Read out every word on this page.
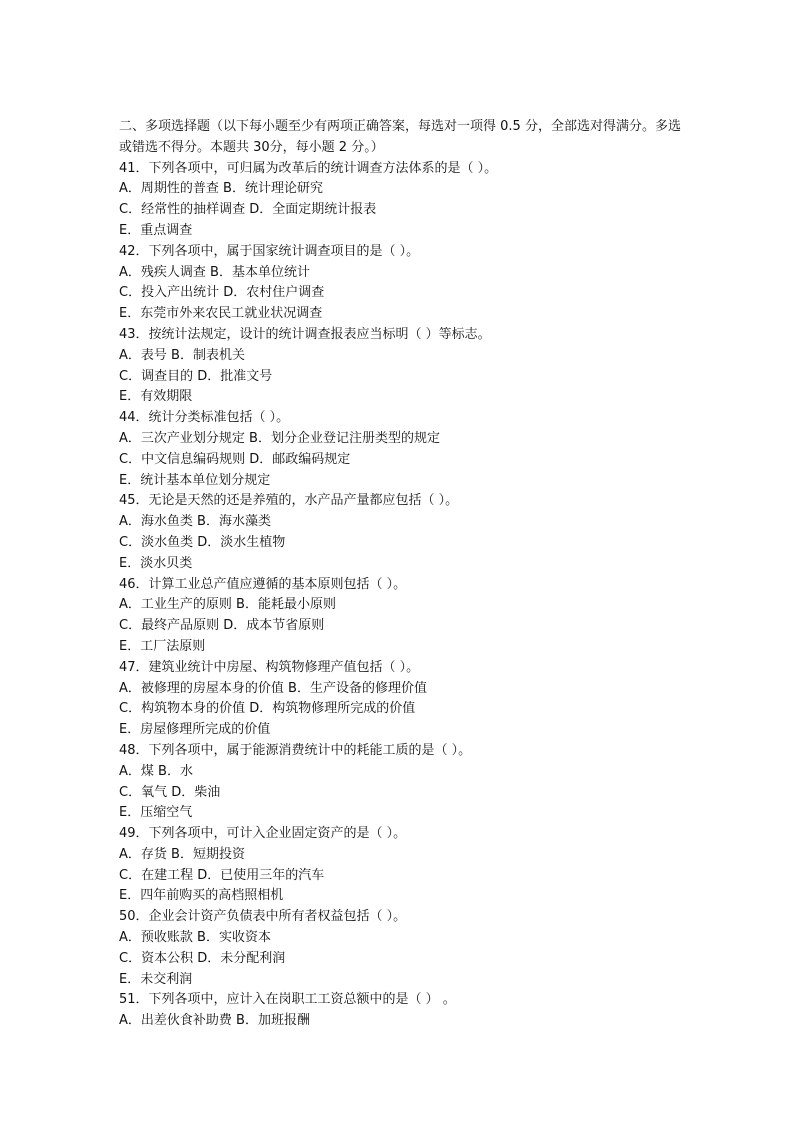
二、多项选择题（以下每小题至少有两项正确答案，每选对一项得 0.5 分，全部选对得满分。多选或错选不得分。本题共 30分，每小题 2 分。）
41．下列各项中，可归属为改革后的统计调查方法体系的是（ ）。
A．周期性的普查 B．统计理论研究
C．经常性的抽样调查 D．全面定期统计报表
E．重点调查
42．下列各项中，属于国家统计调查项目的是（ ）。
A．残疾人调查 B．基本单位统计
C．投入产出统计 D．农村住户调查
E．东莞市外来农民工就业状况调查
43．按统计法规定，设计的统计调查报表应当标明（ ）等标志。
A．表号 B．制表机关
C．调查目的 D．批准文号
E．有效期限
44．统计分类标准包括（ ）。
A．三次产业划分规定 B．划分企业登记注册类型的规定
C．中文信息编码规则 D．邮政编码规定
E．统计基本单位划分规定
45．无论是天然的还是养殖的，水产品产量都应包括（ ）。
A．海水鱼类 B．海水藻类
C．淡水鱼类 D．淡水生植物
E．淡水贝类
46．计算工业总产值应遵循的基本原则包括（ ）。
A．工业生产的原则 B．能耗最小原则
C．最终产品原则 D．成本节省原则
E．工厂法原则
47．建筑业统计中房屋、构筑物修理产值包括（ ）。
A．被修理的房屋本身的价值 B．生产设备的修理价值
C．构筑物本身的价值 D．构筑物修理所完成的价值
E．房屋修理所完成的价值
48．下列各项中，属于能源消费统计中的耗能工质的是（ ）。
A．煤 B．水
C．氧气 D．柴油
E．压缩空气
49．下列各项中，可计入企业固定资产的是（ ）。
A．存货 B．短期投资
C．在建工程 D．已使用三年的汽车
E．四年前购买的高档照相机
50．企业会计资产负债表中所有者权益包括（ ）。
A．预收账款 B．实收资本
C．资本公积 D．未分配利润
E．未交利润
51．下列各项中，应计入在岗职工工资总额中的是（ ） 。
A．出差伙食补助费 B．加班报酬
